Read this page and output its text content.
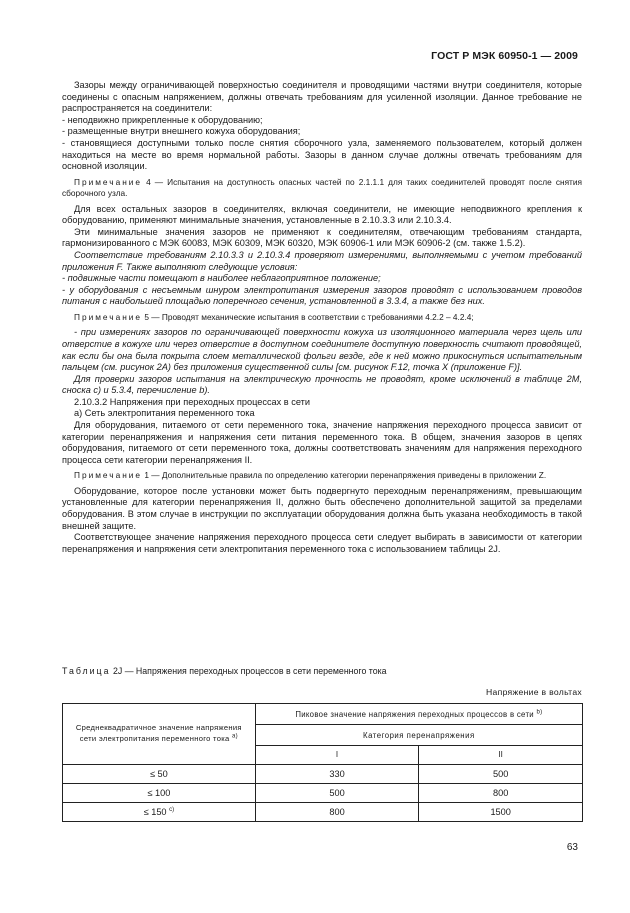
ГОСТ Р МЭК 60950-1 — 2009

Зазоры между ограничивающей поверхностью соединителя и проводящими частями внутри соединителя, которые соединены с опасным напряжением, должны отвечать требованиям для усиленной изоляции. Данное требование не распространяется на соединители:

- неподвижно прикрепленные к оборудованию;

- размещенные внутри внешнего кожуха оборудования;

- становящиеся доступными только после снятия сборочного узла, заменяемого пользователем, который должен находиться на месте во время нормальной работы. Зазоры в данном случае должны отвечать требованиям для основной изоляции.

Примечание 4 — Испытания на доступность опасных частей по 2.1.1.1 для таких соединителей проводят после снятия сборочного узла.

Для всех остальных зазоров в соединителях, включая соединители, не имеющие неподвижного крепления к оборудованию, применяют минимальные значения, установленные в 2.10.3.3 или 2.10.3.4.

Эти минимальные значения зазоров не применяют к соединителям, отвечающим требованиям стандарта, гармонизированного с МЭК 60083, МЭК 60309, МЭК 60320, МЭК 60906-1 или МЭК 60906-2 (см. также 1.5.2).

Соответствие требованиям 2.10.3.3 и 2.10.3.4 проверяют измерениями, выполняемыми с учетом требований приложения F. Также выполняют следующие условия:

- подвижные части помещают в наиболее неблагоприятное положение;

- у оборудования с несъемным шнуром электропитания измерения зазоров проводят с использованием проводов питания с наибольшей площадью поперечного сечения, установленной в 3.3.4, а также без них.

Примечание 5 — Проводят механические испытания в соответствии с требованиями 4.2.2 – 4.2.4;

- при измерениях зазоров по ограничивающей поверхности кожуха из изоляционного материала через щель или отверстие в кожухе или через отверстие в доступном соединителе доступную поверхность считают проводящей, как если бы она была покрыта слоем металлической фольги везде, где к ней можно прикоснуться испытательным пальцем (см. рисунок 2А) без приложения существенной силы [см. рисунок F.12, точка X (приложение F)].

Для проверки зазоров испытания на электрическую прочность не проводят, кроме исключений в таблице 2М, сноска с) и 5.3.4, перечисление b).

2.10.3.2 Напряжения при переходных процессах в сети

а) Сеть электропитания переменного тока

Для оборудования, питаемого от сети переменного тока, значение напряжения переходного процесса зависит от категории перенапряжения и напряжения сети питания переменного тока. В общем, значения зазоров в цепях оборудования, питаемого от сети переменного тока, должны соответствовать значениям для напряжения переходного процесса сети категории перенапряжения II.

Примечание 1 — Дополнительные правила по определению категории перенапряжения приведены в приложении Z.

Оборудование, которое после установки может быть подвергнуто переходным перенапряжениям, превышающим установленные для категории перенапряжения II, должно быть обеспечено дополнительной защитой за пределами оборудования. В этом случае в инструкции по эксплуатации оборудования должна быть указана необходимость в такой внешней защите.

Соответствующее значение напряжения переходного процесса сети следует выбирать в зависимости от категории перенапряжения и напряжения сети электропитания переменного тока с использованием таблицы 2J.

Таблица 2J — Напряжения переходных процессов в сети переменного тока
Напряжение в вольтах
Среднеквадратичное значение напряжения сети электропитания переменного тока $^{а)}$	Пиковое значение напряжения переходных процессов в сети $^{b)}$
	Категория перенапряжения	
	I	II
≤ 50	330	500
≤ 100	500	800
≤ 150 $^{с)}$	800	1500
63
